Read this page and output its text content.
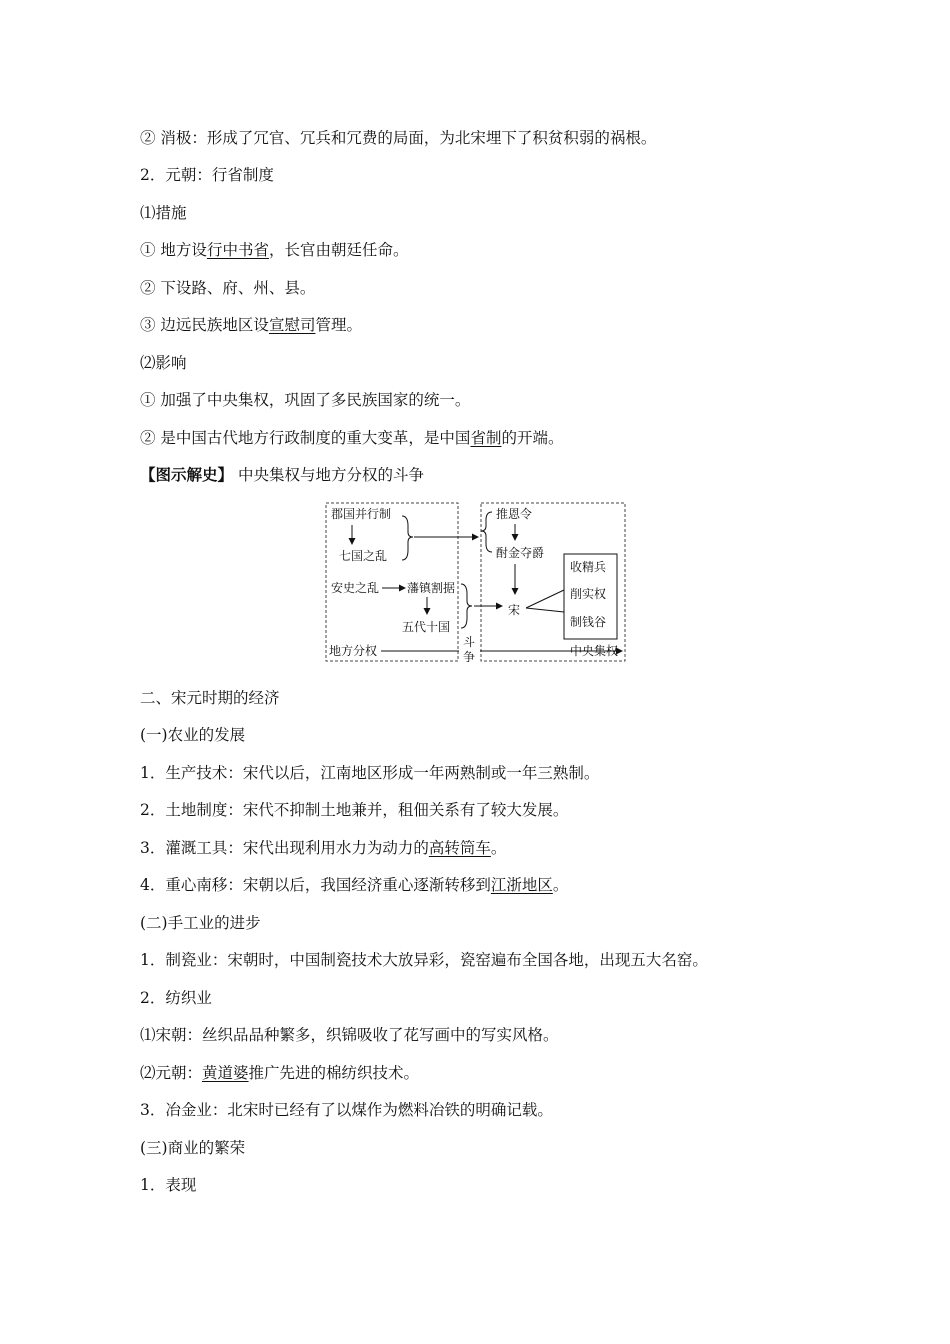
② 消极：形成了冗官、冗兵和冗费的局面，为北宋埋下了积贫积弱的祸根。
2．元朝：行省制度
⑴措施
① 地方设行中书省，长官由朝廷任命。
② 下设路、府、州、县。
③ 边远民族地区设宣慰司管理。
⑵影响
① 加强了中央集权，巩固了多民族国家的统一。
② 是中国古代地方行政制度的重大变革，是中国省制的开端。
【图示解史】 中央集权与地方分权的斗争
郡国并行制
七国之乱
安史之乱 藩镇割据
五代十国
地方分权
斗
争
推恩令
酎金夺爵
宋
收精兵
削实权
制钱谷
中央集权
二、宋元时期的经济
(一)农业的发展
1．生产技术：宋代以后，江南地区形成一年两熟制或一年三熟制。
2．土地制度：宋代不抑制土地兼并，租佃关系有了较大发展。
3．灌溉工具：宋代出现利用水力为动力的高转筒车。
4．重心南移：宋朝以后，我国经济重心逐渐转移到江浙地区。
(二)手工业的进步
1．制瓷业：宋朝时，中国制瓷技术大放异彩，瓷窑遍布全国各地，出现五大名窑。
2．纺织业
⑴宋朝：丝织品品种繁多，织锦吸收了花写画中的写实风格。
⑵元朝：黄道婆推广先进的棉纺织技术。
3．冶金业：北宋时已经有了以煤作为燃料冶铁的明确记载。
(三)商业的繁荣
1．表现
